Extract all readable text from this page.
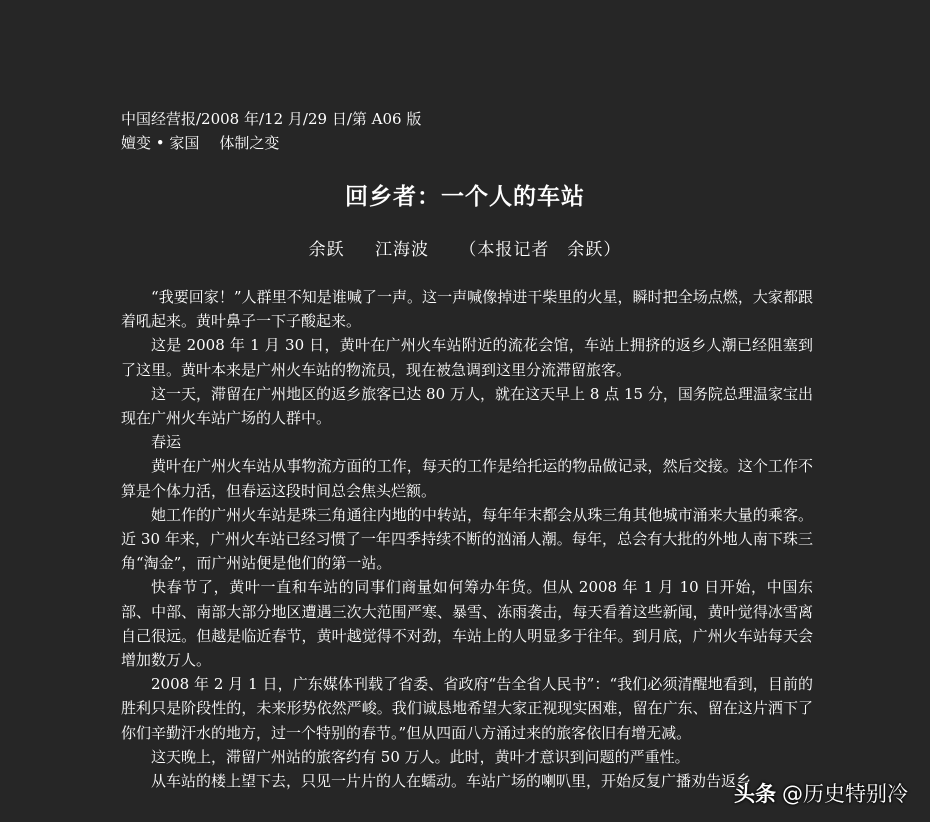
中国经营报/2008 年/12 月/29 日/第 A06 版
嬗变 • 家国 体制之变
回乡者：一个人的车站
余跃 江海波 （本报记者　余跃）

“我要回家！”人群里不知是谁喊了一声。这一声喊像掉进干柴里的火星，瞬时把全场点燃，大家都跟着吼起来。黄叶鼻子一下子酸起来。

这是 2008 年 1 月 30 日，黄叶在广州火车站附近的流花会馆，车站上拥挤的返乡人潮已经阻塞到了这里。黄叶本来是广州火车站的物流员，现在被急调到这里分流滞留旅客。

这一天，滞留在广州地区的返乡旅客已达 80 万人，就在这天早上 8 点 15 分，国务院总理温家宝出现在广州火车站广场的人群中。

春运

黄叶在广州火车站从事物流方面的工作，每天的工作是给托运的物品做记录，然后交接。这个工作不算是个体力活，但春运这段时间总会焦头烂额。

她工作的广州火车站是珠三角通往内地的中转站，每年年末都会从珠三角其他城市涌来大量的乘客。近 30 年来，广州火车站已经习惯了一年四季持续不断的汹涌人潮。每年，总会有大批的外地人南下珠三角“淘金”，而广州站便是他们的第一站。

快春节了，黄叶一直和车站的同事们商量如何筹办年货。但从 2008 年 1 月 10 日开始，中国东部、中部、南部大部分地区遭遇三次大范围严寒、暴雪、冻雨袭击，每天看着这些新闻，黄叶觉得冰雪离自己很远。但越是临近春节，黄叶越觉得不对劲，车站上的人明显多于往年。到月底，广州火车站每天会增加数万人。

2008 年 2 月 1 日，广东媒体刊载了省委、省政府“告全省人民书”：“我们必须清醒地看到，目前的胜利只是阶段性的，未来形势依然严峻。我们诚恳地希望大家正视现实困难，留在广东、留在这片洒下了你们辛勤汗水的地方，过一个特别的春节。”但从四面八方涌过来的旅客依旧有增无减。

这天晚上，滞留广州站的旅客约有 50 万人。此时，黄叶才意识到问题的严重性。

从车站的楼上望下去，只见一片片的人在蠕动。车站广场的喇叭里，开始反复广播劝告返乡

头条 @历史特别冷
